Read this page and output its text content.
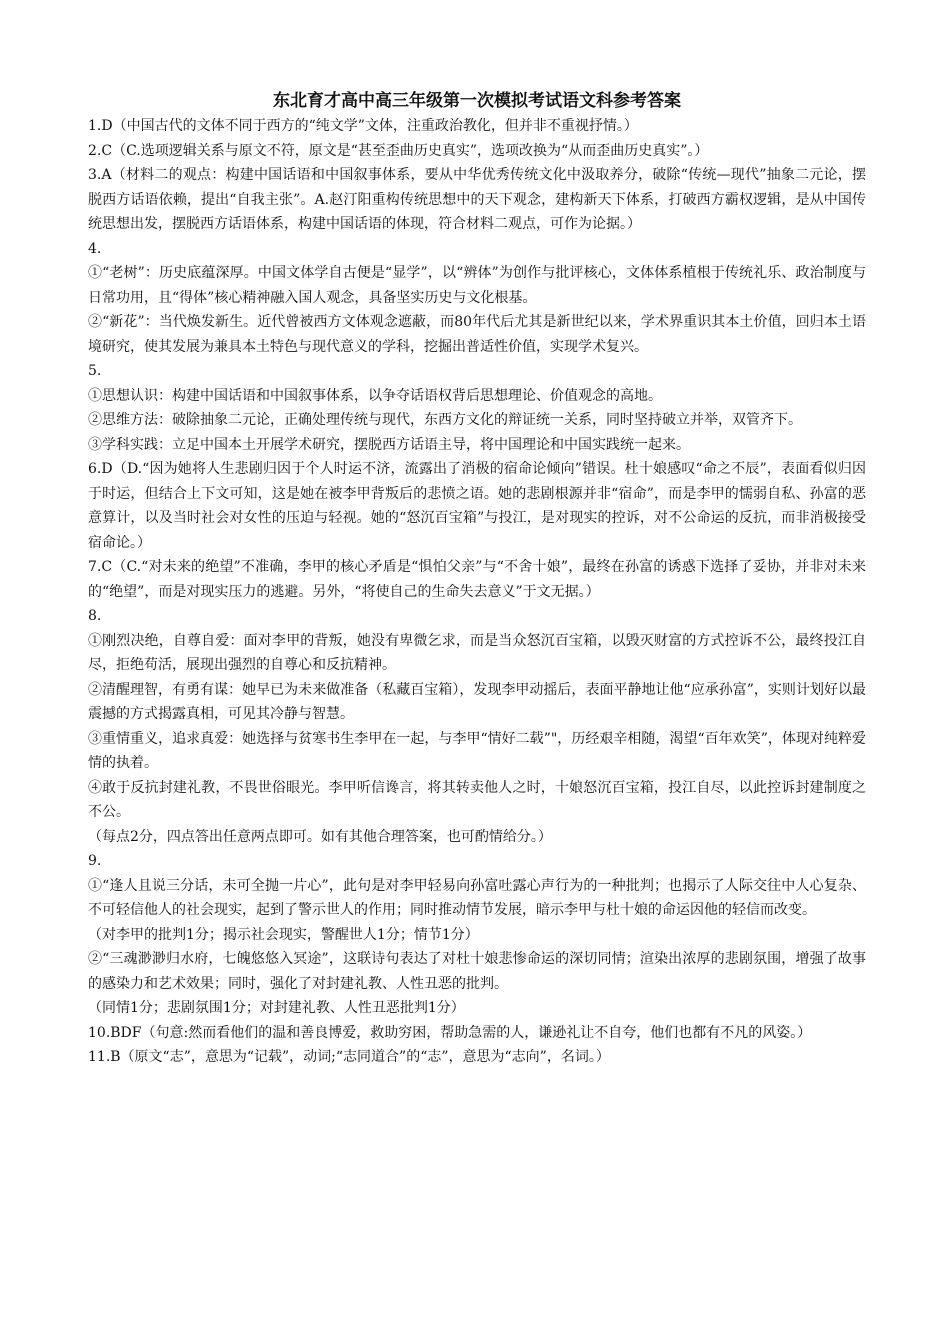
东北育才高中高三年级第一次模拟考试语文科参考答案

1.D（中国古代的文体不同于西方的“纯文学”文体，注重政治教化，但并非不重视抒情。）

2.C（C.选项逻辑关系与原文不符，原文是“甚至歪曲历史真实”，选项改换为“从而歪曲历史真实”。）

3.A（材料二的观点：构建中国话语和中国叙事体系，要从中华优秀传统文化中汲取养分，破除“传统—现代”抽象二元论，摆脱西方话语依赖，提出“自我主张”。A.赵汀阳重构传统思想中的天下观念，建构新天下体系，打破西方霸权逻辑，是从中国传统思想出发，摆脱西方话语体系，构建中国话语的体现，符合材料二观点，可作为论据。）

4.

①“老树”：历史底蕴深厚。中国文体学自古便是“显学”，以“辨体”为创作与批评核心，文体体系植根于传统礼乐、政治制度与日常功用，且“得体”核心精神融入国人观念，具备坚实历史与文化根基。

②“新花”：当代焕发新生。近代曾被西方文体观念遮蔽，而80年代后尤其是新世纪以来，学术界重识其本土价值，回归本土语境研究，使其发展为兼具本土特色与现代意义的学科，挖掘出普适性价值，实现学术复兴。

5.

①思想认识：构建中国话语和中国叙事体系，以争夺话语权背后思想理论、价值观念的高地。

②思维方法：破除抽象二元论，正确处理传统与现代，东西方文化的辩证统一关系，同时坚持破立并举，双管齐下。

③学科实践：立足中国本土开展学术研究，摆脱西方话语主导，将中国理论和中国实践统一起来。

6.D（D.“因为她将人生悲剧归因于个人时运不济，流露出了消极的宿命论倾向”错误。杜十娘感叹“命之不辰”，表面看似归因于时运，但结合上下文可知，这是她在被李甲背叛后的悲愤之语。她的悲剧根源并非“宿命”，而是李甲的懦弱自私、孙富的恶意算计，以及当时社会对女性的压迫与轻视。她的“怒沉百宝箱”与投江，是对现实的控诉，对不公命运的反抗，而非消极接受宿命论。）

7.C（C.“对未来的绝望”不准确，李甲的核心矛盾是“惧怕父亲”与“不舍十娘”，最终在孙富的诱惑下选择了妥协，并非对未来的“绝望”，而是对现实压力的逃避。另外，“将使自己的生命失去意义”于文无据。）

8.

①刚烈决绝，自尊自爱：面对李甲的背叛，她没有卑微乞求，而是当众怒沉百宝箱，以毁灭财富的方式控诉不公，最终投江自尽，拒绝苟活，展现出强烈的自尊心和反抗精神。

②清醒理智，有勇有谋：她早已为未来做准备（私藏百宝箱），发现李甲动摇后，表面平静地让他“应承孙富”，实则计划好以最震撼的方式揭露真相，可见其冷静与智慧。

③重情重义，追求真爱：她选择与贫寒书生李甲在一起，与李甲“情好二载”"，历经艰辛相随，渴望“百年欢笑”，体现对纯粹爱情的执着。

④敢于反抗封建礼教，不畏世俗眼光。李甲听信谗言，将其转卖他人之时，十娘怒沉百宝箱，投江自尽，以此控诉封建制度之不公。

（每点2分，四点答出任意两点即可。如有其他合理答案，也可酌情给分。）

9.

①“逢人且说三分话，未可全抛一片心”，此句是对李甲轻易向孙富吐露心声行为的一种批判；也揭示了人际交往中人心复杂、不可轻信他人的社会现实，起到了警示世人的作用；同时推动情节发展，暗示李甲与杜十娘的命运因他的轻信而改变。

（对李甲的批判1分；揭示社会现实，警醒世人1分；情节1分）

②“三魂渺渺归水府，七魄悠悠入冥途”，这联诗句表达了对杜十娘悲惨命运的深切同情；渲染出浓厚的悲剧氛围，增强了故事的感染力和艺术效果；同时，强化了对封建礼教、人性丑恶的批判。

（同情1分；悲剧氛围1分；对封建礼教、人性丑恶批判1分）

10.BDF（句意:然而看他们的温和善良博爱，救助穷困，帮助急需的人，谦逊礼让不自夸，他们也都有不凡的风姿。）

11.B（原文“志”，意思为“记载”，动词;“志同道合”的“志”，意思为“志向”，名词。）
